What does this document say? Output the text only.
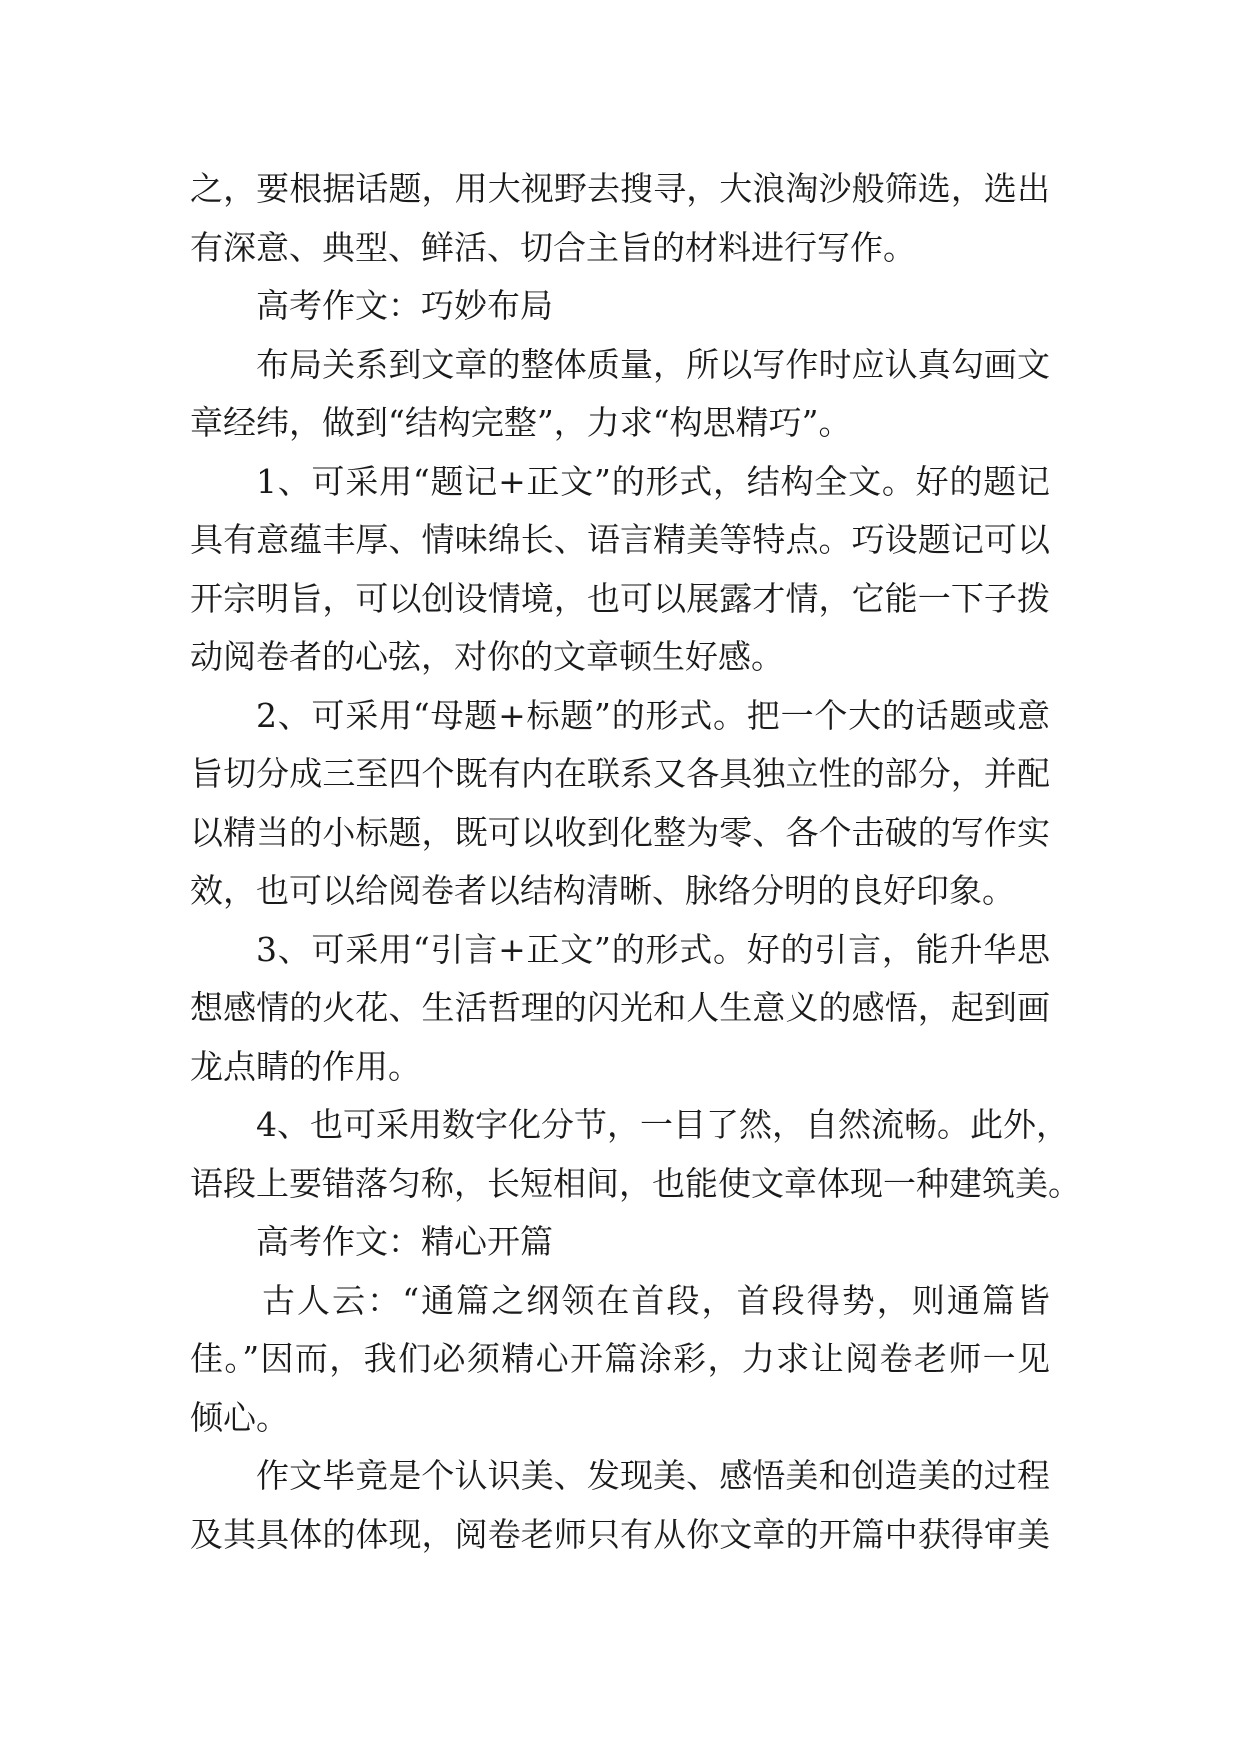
之，要根据话题，用大视野去搜寻，大浪淘沙般筛选，选出
有深意、典型、鲜活、切合主旨的材料进行写作。
高考作文：巧妙布局
布局关系到文章的整体质量，所以写作时应认真勾画文
章经纬，做到“结构完整”，力求“构思精巧”。
1、可采用“题记+正文”的形式，结构全文。好的题记
具有意蕴丰厚、情味绵长、语言精美等特点。巧设题记可以
开宗明旨，可以创设情境，也可以展露才情，它能一下子拨
动阅卷者的心弦，对你的文章顿生好感。
2、可采用“母题+标题”的形式。把一个大的话题或意
旨切分成三至四个既有内在联系又各具独立性的部分，并配
以精当的小标题，既可以收到化整为零、各个击破的写作实
效，也可以给阅卷者以结构清晰、脉络分明的良好印象。
3、可采用“引言+正文”的形式。好的引言，能升华思
想感情的火花、生活哲理的闪光和人生意义的感悟，起到画
龙点睛的作用。
4、也可采用数字化分节，一目了然，自然流畅。此外，
语段上要错落匀称，长短相间，也能使文章体现一种建筑美。
高考作文：精心开篇
古人云：“通篇之纲领在首段，首段得势，则通篇皆
佳。”因而，我们必须精心开篇涂彩，力求让阅卷老师一见
倾心。
作文毕竟是个认识美、发现美、感悟美和创造美的过程
及其具体的体现，阅卷老师只有从你文章的开篇中获得审美
